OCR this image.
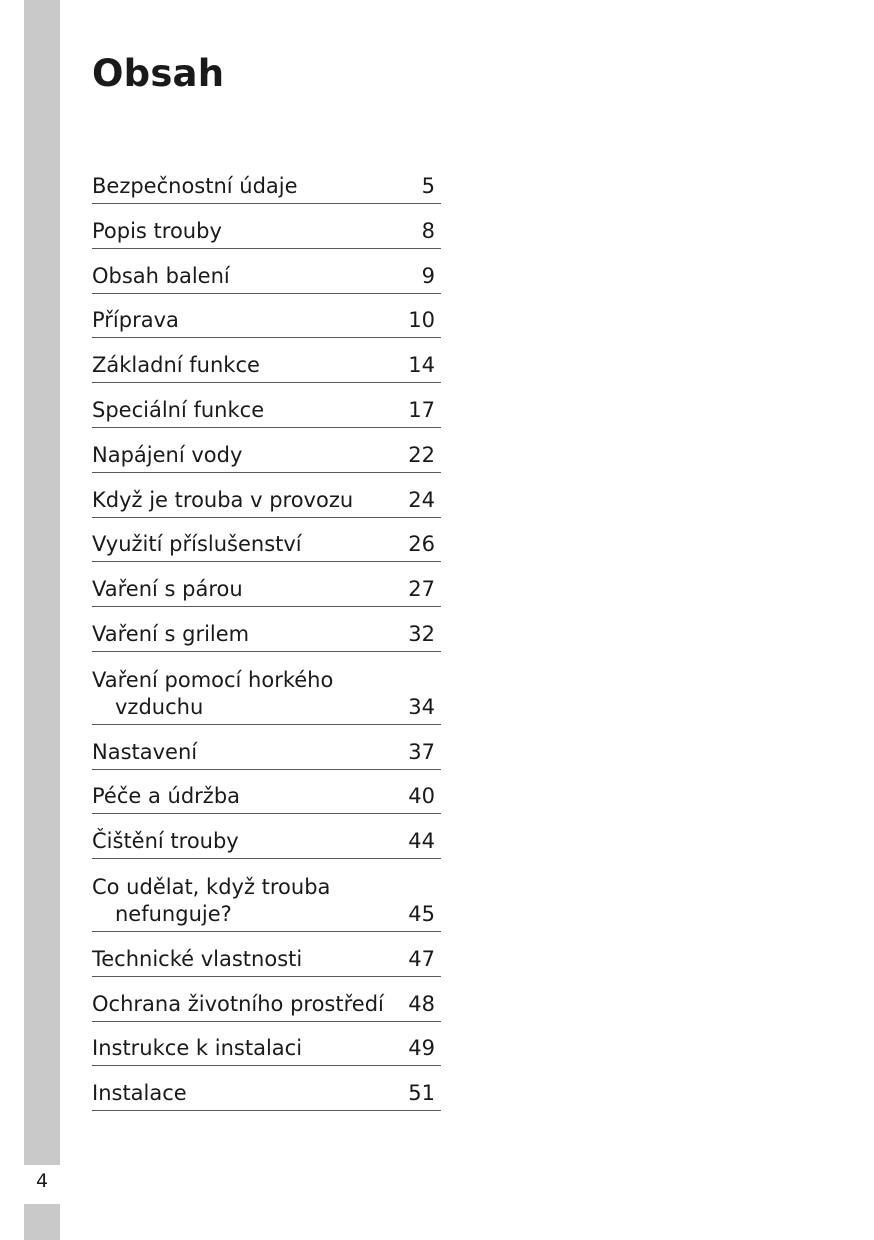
4
Obsah
Bezpečnostní údaje	5
Popis trouby	8
Obsah balení	9
Příprava	10
Základní funkce	14
Speciální funkce	17
Napájení vody	22
Když je trouba v provozu	24
Využití příslušenství	26
Vaření s párou	27
Vaření s grilem	32
Vaření pomocí horkého
vzduchu	34
Nastavení	37
Péče a údržba	40
Čištění trouby	44
Co udělat, když trouba
nefunguje?	45
Technické vlastnosti	47
Ochrana životního prostředí	48
Instrukce k instalaci	49
Instalace	51
